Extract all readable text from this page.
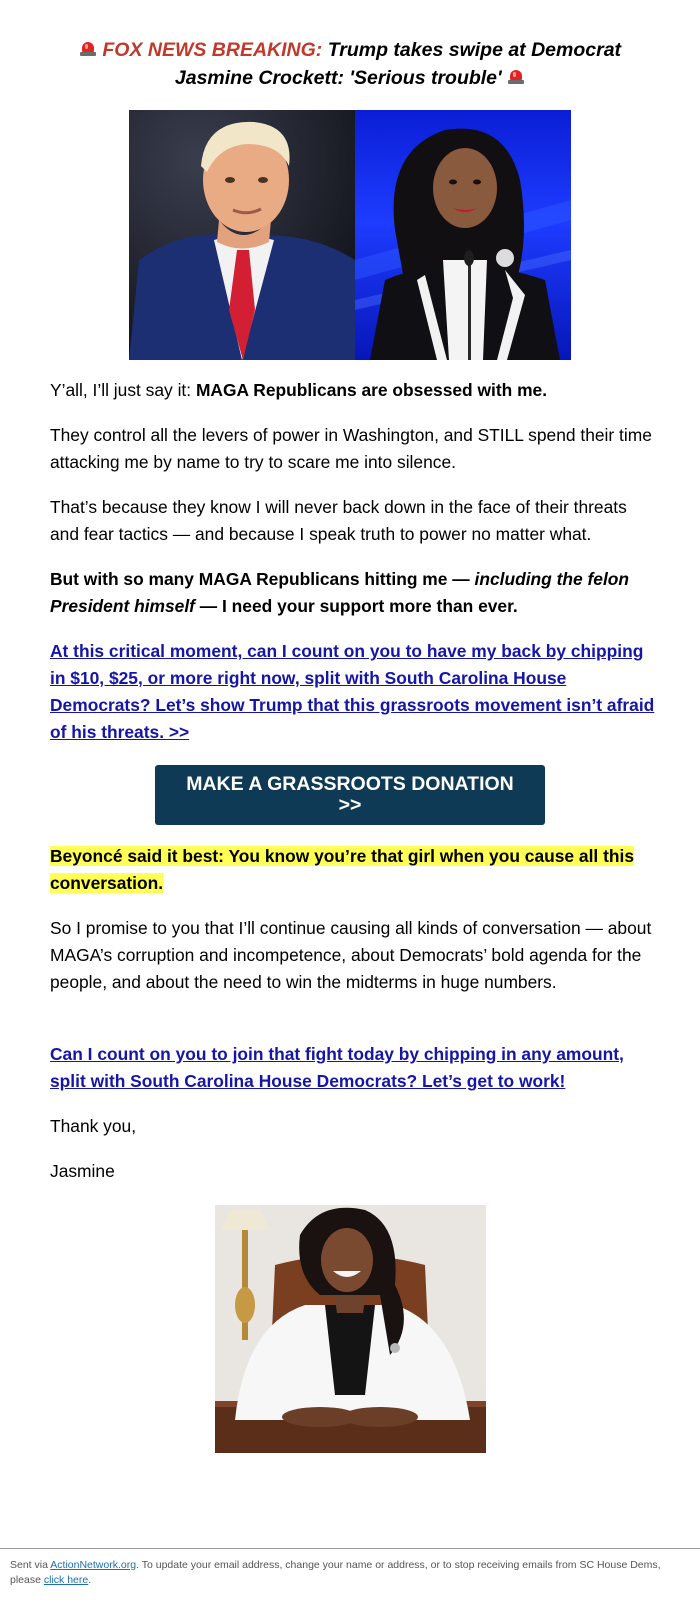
FOX NEWS BREAKING: Trump takes swipe at Democrat
Jasmine Crockett: 'Serious trouble'

Y’all, I’ll just say it: MAGA Republicans are obsessed with me.

They control all the levers of power in Washington, and STILL spend their time attacking me by name to try to scare me into silence.

That’s because they know I will never back down in the face of their threats and fear tactics — and because I speak truth to power no matter what.

But with so many MAGA Republicans hitting me — including the felon President himself — I need your support more than ever.

At this critical moment, can I count on you to have my back by chipping in $10, $25, or more right now, split with South Carolina House Democrats? Let’s show Trump that this grassroots movement isn’t afraid of his threats. >>

MAKE A GRASSROOTS DONATION >>

Beyoncé said it best: You know you’re that girl when you cause all this conversation.

So I promise to you that I’ll continue causing all kinds of conversation — about MAGA’s corruption and incompetence, about Democrats’ bold agenda for the people, and about the need to win the midterms in huge numbers.

Can I count on you to join that fight today by chipping in any amount, split with South Carolina House Democrats? Let’s get to work!

Thank you,

Jasmine

Sent via ActionNetwork.org. To update your email address, change your name or address, or to stop receiving emails from SC House Dems, please click here.
